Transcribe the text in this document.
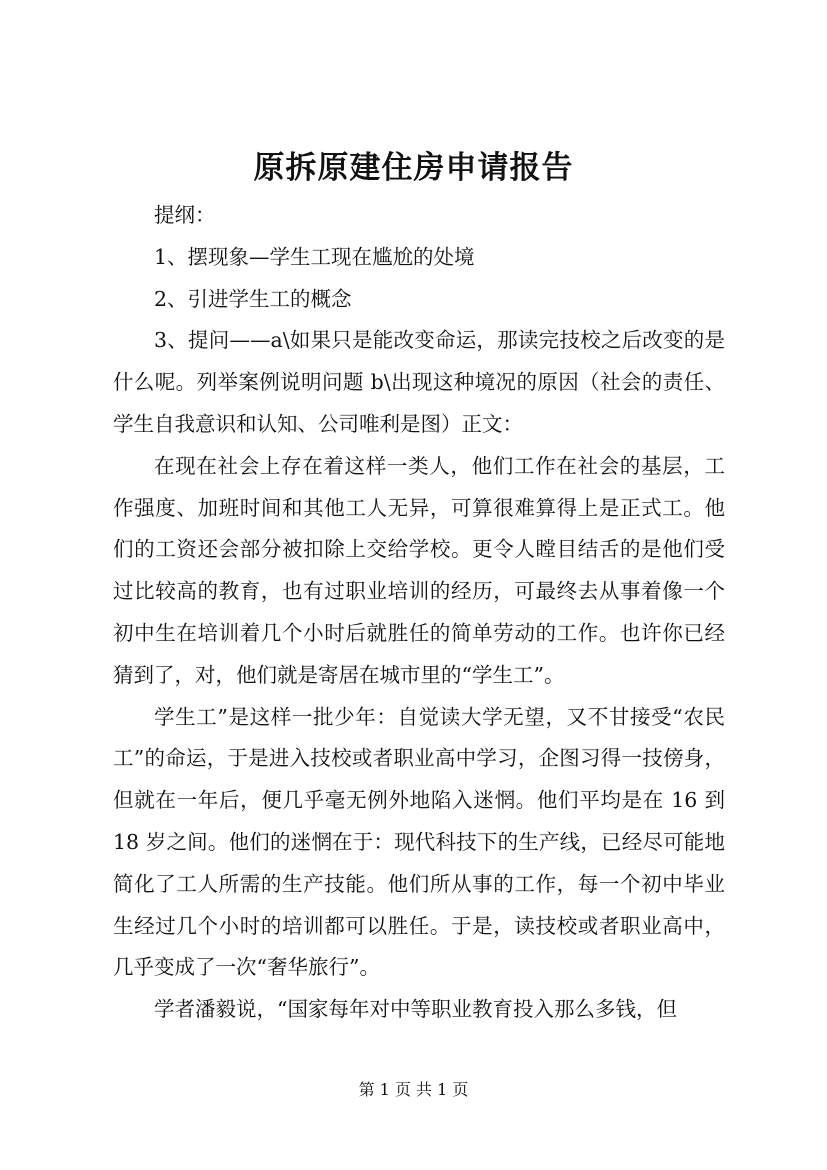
原拆原建住房申请报告

提纲：

1、摆现象—学生工现在尴尬的处境

2、引进学生工的概念

3、提问——a\如果只是能改变命运，那读完技校之后改变的是什么呢。列举案例说明问题 b\出现这种境况的原因（社会的责任、学生自我意识和认知、公司唯利是图）正文：

在现在社会上存在着这样一类人，他们工作在社会的基层，工作强度、加班时间和其他工人无异，可算很难算得上是正式工。他们的工资还会部分被扣除上交给学校。更令人瞠目结舌的是他们受过比较高的教育，也有过职业培训的经历，可最终去从事着像一个初中生在培训着几个小时后就胜任的简单劳动的工作。也许你已经猜到了，对，他们就是寄居在城市里的“学生工”。

学生工”是这样一批少年：自觉读大学无望，又不甘接受“农民工”的命运，于是进入技校或者职业高中学习，企图习得一技傍身，但就在一年后，便几乎毫无例外地陷入迷惘。他们平均是在 16 到 18 岁之间。他们的迷惘在于：现代科技下的生产线，已经尽可能地简化了工人所需的生产技能。他们所从事的工作，每一个初中毕业生经过几个小时的培训都可以胜任。于是，读技校或者职业高中，几乎变成了一次“奢华旅行”。

学者潘毅说，“国家每年对中等职业教育投入那么多钱，但

第 1 页 共 1 页
